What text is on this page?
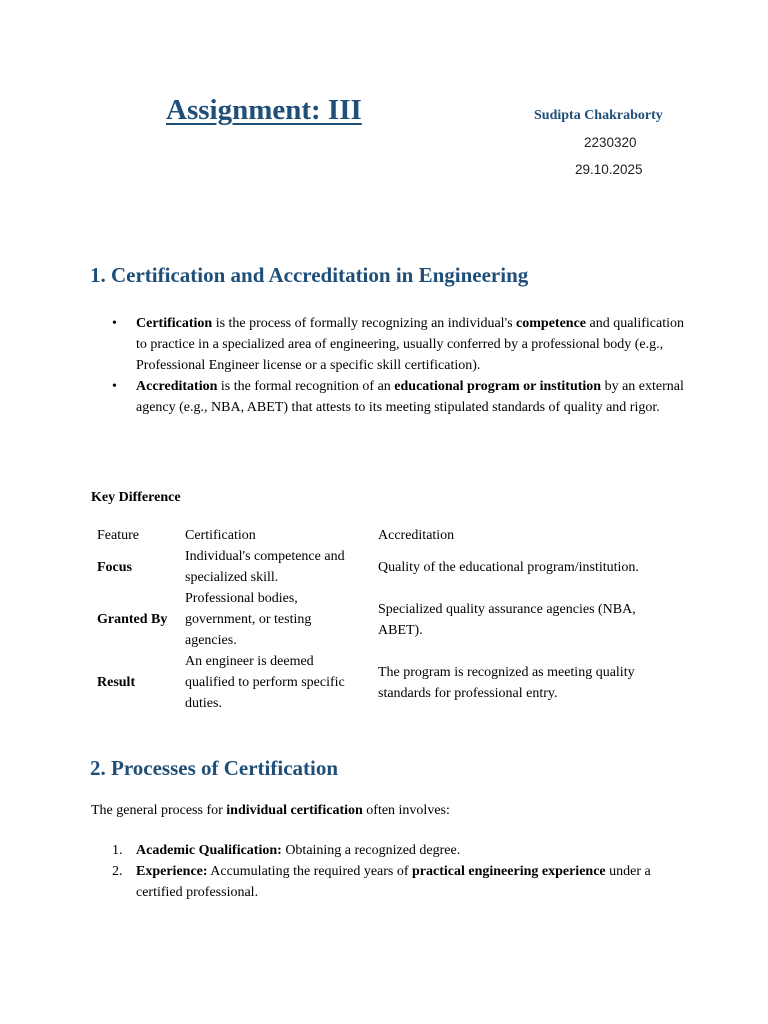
Assignment: III	Sudipta Chakraborty
2230320
29.10.2025
1. Certification and Accreditation in Engineering
• Certification is the process of formally recognizing an individual's competence and qualification to practice in a specialized area of engineering, usually conferred by a professional body (e.g., Professional Engineer license or a specific skill certification).
• Accreditation is the formal recognition of an educational program or institution by an external agency (e.g., NBA, ABET) that attests to its meeting stipulated standards of quality and rigor.
Key Difference
Feature	Certification	Accreditation
Focus	Individual's competence and specialized skill.	Quality of the educational program/institution.
Granted By	Professional bodies, government, or testing agencies.	Specialized quality assurance agencies (NBA, ABET).
Result	An engineer is deemed qualified to perform specific duties.	The program is recognized as meeting quality standards for professional entry.
2. Processes of Certification
The general process for individual certification often involves:
1. Academic Qualification: Obtaining a recognized degree.
2. Experience: Accumulating the required years of practical engineering experience under a certified professional.
